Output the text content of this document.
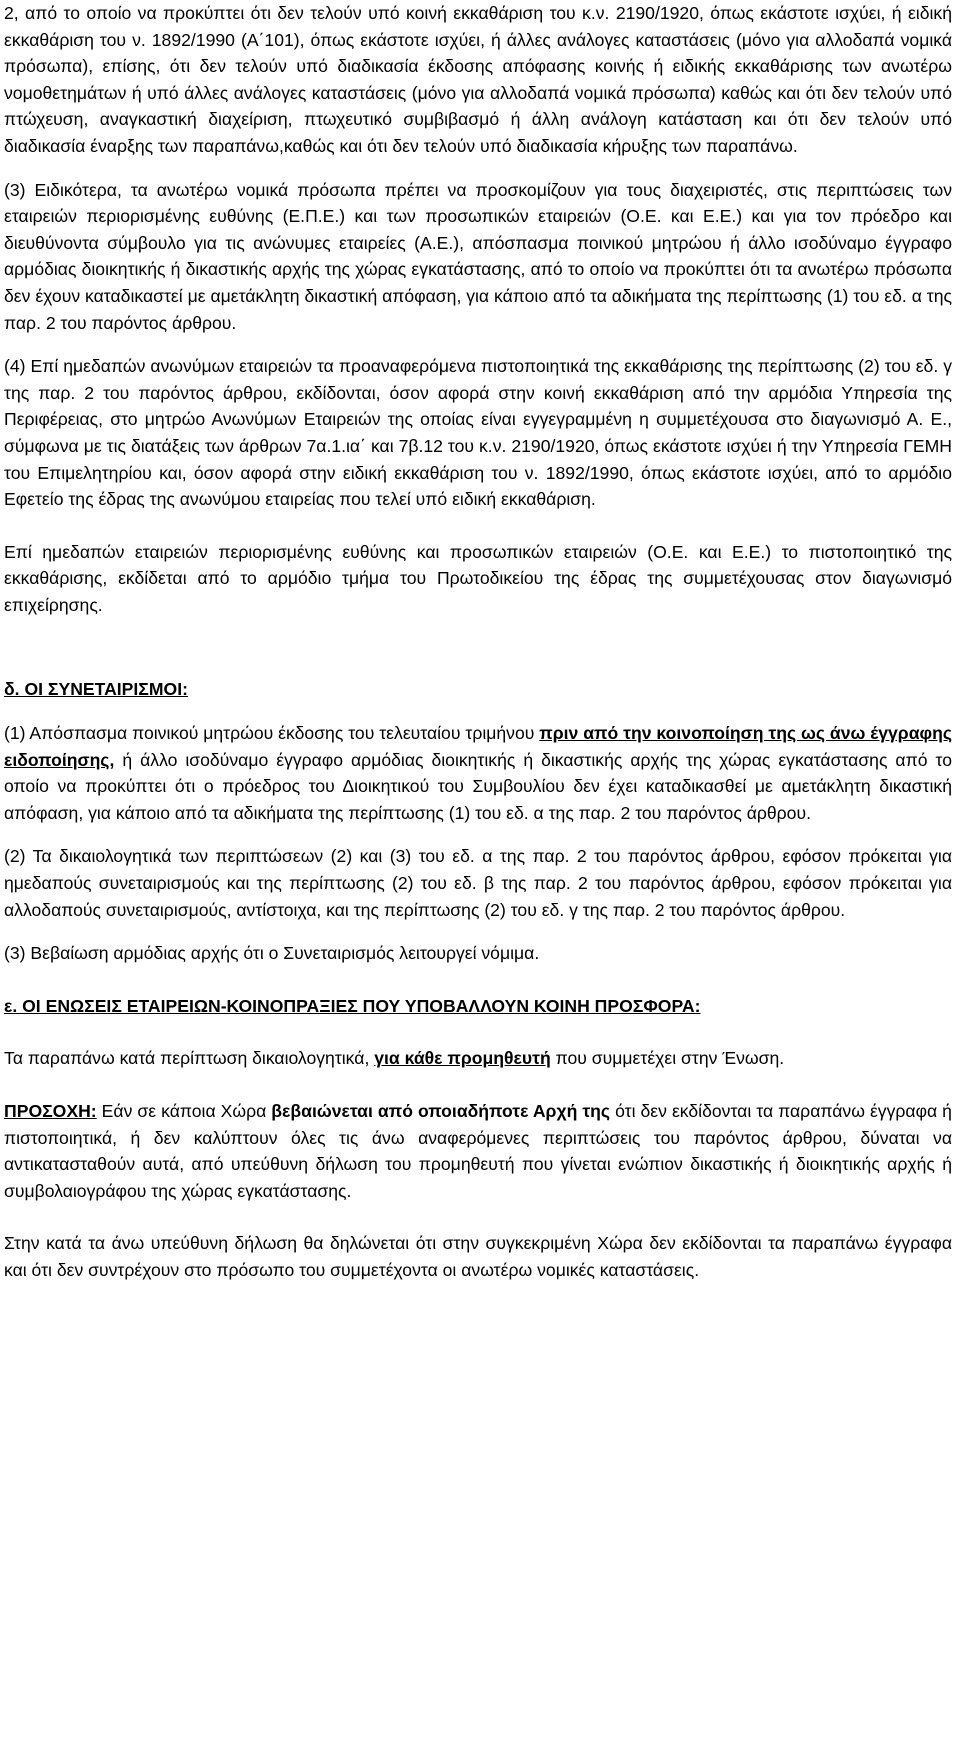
2, από το οποίο να προκύπτει ότι δεν τελούν υπό κοινή εκκαθάριση του κ.ν. 2190/1920, όπως εκάστοτε ισχύει, ή ειδική εκκαθάριση του ν. 1892/1990 (Α΄101), όπως εκάστοτε ισχύει, ή άλλες ανάλογες καταστάσεις (μόνο για αλλοδαπά νομικά πρόσωπα), επίσης, ότι δεν τελούν υπό διαδικασία έκδοσης απόφασης κοινής ή ειδικής εκκαθάρισης των ανωτέρω νομοθετημάτων ή υπό άλλες ανάλογες καταστάσεις (μόνο για αλλοδαπά νομικά πρόσωπα) καθώς και ότι δεν τελούν υπό πτώχευση, αναγκαστική διαχείριση, πτωχευτικό συμβιβασμό ή άλλη ανάλογη κατάσταση και ότι δεν τελούν υπό διαδικασία έναρξης των παραπάνω,καθώς και ότι δεν τελούν υπό διαδικασία κήρυξης των παραπάνω.

(3) Ειδικότερα, τα ανωτέρω νομικά πρόσωπα πρέπει να προσκομίζουν για τους διαχειριστές, στις περιπτώσεις των εταιρειών περιορισμένης ευθύνης (Ε.Π.Ε.) και των προσωπικών εταιρειών (Ο.Ε. και Ε.Ε.) και για τον πρόεδρο και διευθύνοντα σύμβουλο για τις ανώνυμες εταιρείες (Α.Ε.), απόσπασμα ποινικού μητρώου ή άλλο ισοδύναμο έγγραφο αρμόδιας διοικητικής ή δικαστικής αρχής της χώρας εγκατάστασης, από το οποίο να προκύπτει ότι τα ανωτέρω πρόσωπα δεν έχουν καταδικαστεί με αμετάκλητη δικαστική απόφαση, για κάποιο από τα αδικήματα της περίπτωσης (1) του εδ. α της παρ. 2 του παρόντος άρθρου.

(4) Επί ημεδαπών ανωνύμων εταιρειών τα προαναφερόμενα πιστοποιητικά της εκκαθάρισης της περίπτωσης (2) του εδ. γ της παρ. 2 του παρόντος άρθρου, εκδίδονται, όσον αφορά στην κοινή εκκαθάριση από την αρμόδια Υπηρεσία της Περιφέρειας, στο μητρώο Ανωνύμων Εταιρειών της οποίας είναι εγγεγραμμένη η συμμετέχουσα στο διαγωνισμό Α. Ε., σύμφωνα με τις διατάξεις των άρθρων 7α.1.ια΄ και 7β.12 του κ.ν. 2190/1920, όπως εκάστοτε ισχύει ή την Υπηρεσία ΓΕΜΗ του Επιμελητηρίου και, όσον αφορά στην ειδική εκκαθάριση του ν. 1892/1990, όπως εκάστοτε ισχύει, από το αρμόδιο Εφετείο της έδρας της ανωνύμου εταιρείας που τελεί υπό ειδική εκκαθάριση.

Επί ημεδαπών εταιρειών περιορισμένης ευθύνης και προσωπικών εταιρειών (Ο.Ε. και Ε.Ε.) το πιστοποιητικό της εκκαθάρισης, εκδίδεται από το αρμόδιο τμήμα του Πρωτοδικείου της έδρας της συμμετέχουσας στον διαγωνισμό επιχείρησης.

δ. ΟΙ ΣΥΝΕΤΑΙΡΙΣΜΟΙ:

(1) Απόσπασμα ποινικού μητρώου έκδοσης του τελευταίου τριμήνου πριν από την κοινοποίηση της ως άνω έγγραφης ειδοποίησης, ή άλλο ισοδύναμο έγγραφο αρμόδιας διοικητικής ή δικαστικής αρχής της χώρας εγκατάστασης από το οποίο να προκύπτει ότι ο πρόεδρος του Διοικητικού του Συμβουλίου δεν έχει καταδικασθεί με αμετάκλητη δικαστική απόφαση, για κάποιο από τα αδικήματα της περίπτωσης (1) του εδ. α της παρ. 2 του παρόντος άρθρου.

(2) Τα δικαιολογητικά των περιπτώσεων (2) και (3) του εδ. α της παρ. 2 του παρόντος άρθρου, εφόσον πρόκειται για ημεδαπούς συνεταιρισμούς και της περίπτωσης (2) του εδ. β της παρ. 2 του παρόντος άρθρου, εφόσον πρόκειται για αλλοδαπούς συνεταιρισμούς, αντίστοιχα, και της περίπτωσης (2) του εδ. γ της παρ. 2 του παρόντος άρθρου.

(3) Βεβαίωση αρμόδιας αρχής ότι ο Συνεταιρισμός λειτουργεί νόμιμα.

ε. ΟΙ ΕΝΩΣΕΙΣ ΕΤΑΙΡΕΙΩΝ-ΚΟΙΝΟΠΡΑΞΙΕΣ ΠΟΥ ΥΠΟΒΑΛΛΟΥΝ ΚΟΙΝΗ ΠΡΟΣΦΟΡΑ:

Τα παραπάνω κατά περίπτωση δικαιολογητικά, για κάθε προμηθευτή που συμμετέχει στην Ένωση.

ΠΡΟΣΟΧΗ: Εάν σε κάποια Χώρα βεβαιώνεται από οποιαδήποτε Αρχή της ότι δεν εκδίδονται τα παραπάνω έγγραφα ή πιστοποιητικά, ή δεν καλύπτουν όλες τις άνω αναφερόμενες περιπτώσεις του παρόντος άρθρου, δύναται να αντικατασταθούν αυτά, από υπεύθυνη δήλωση του προμηθευτή που γίνεται ενώπιον δικαστικής ή διοικητικής αρχής ή συμβολαιογράφου της χώρας εγκατάστασης.

Στην κατά τα άνω υπεύθυνη δήλωση θα δηλώνεται ότι στην συγκεκριμένη Χώρα δεν εκδίδονται τα παραπάνω έγγραφα και ότι δεν συντρέχουν στο πρόσωπο του συμμετέχοντα οι ανωτέρω νομικές καταστάσεις.
